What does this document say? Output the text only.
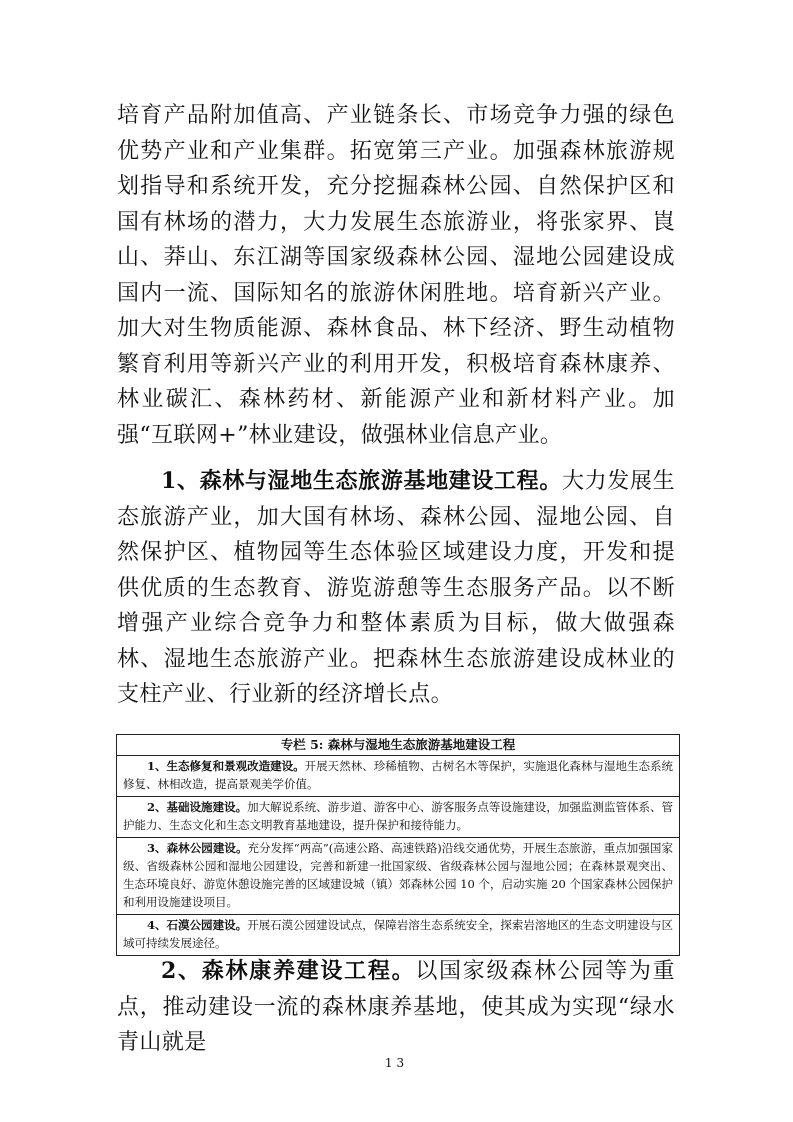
培育产品附加值高、产业链条长、市场竞争力强的绿色优势产业和产业集群。拓宽第三产业。加强森林旅游规划指导和系统开发，充分挖掘森林公园、自然保护区和国有林场的潜力，大力发展生态旅游业，将张家界、崀山、莽山、东江湖等国家级森林公园、湿地公园建设成国内一流、国际知名的旅游休闲胜地。培育新兴产业。加大对生物质能源、森林食品、林下经济、野生动植物繁育利用等新兴产业的利用开发，积极培育森林康养、林业碳汇、森林药材、新能源产业和新材料产业。加强“互联网+”林业建设，做强林业信息产业。

1、森林与湿地生态旅游基地建设工程。大力发展生态旅游产业，加大国有林场、森林公园、湿地公园、自然保护区、植物园等生态体验区域建设力度，开发和提供优质的生态教育、游览游憩等生态服务产品。以不断增强产业综合竞争力和整体素质为目标，做大做强森林、湿地生态旅游产业。把森林生态旅游建设成林业的支柱产业、行业新的经济增长点。

专栏 5: 森林与湿地生态旅游基地建设工程
1、生态修复和景观改造建设。开展天然林、珍稀植物、古树名木等保护，实施退化森林与湿地生态系统修复、林相改造，提高景观美学价值。
2、基础设施建设。加大解说系统、游步道、游客中心、游客服务点等设施建设，加强监测监管体系、管护能力、生态文化和生态文明教育基地建设，提升保护和接待能力。
3、森林公园建设。充分发挥“两高”(高速公路、高速铁路)沿线交通优势，开展生态旅游，重点加强国家级、省级森林公园和湿地公园建设，完善和新建一批国家级、省级森林公园与湿地公园；在森林景观突出、生态环境良好、游览休憩设施完善的区域建设城（镇）郊森林公园 10 个，启动实施 20 个国家森林公园保护和利用设施建设项目。
4、石漠公园建设。开展石漠公园建设试点，保障岩溶生态系统安全，探索岩溶地区的生态文明建设与区域可持续发展途径。

2、森林康养建设工程。以国家级森林公园等为重点，推动建设一流的森林康养基地，使其成为实现“绿水青山就是

13
